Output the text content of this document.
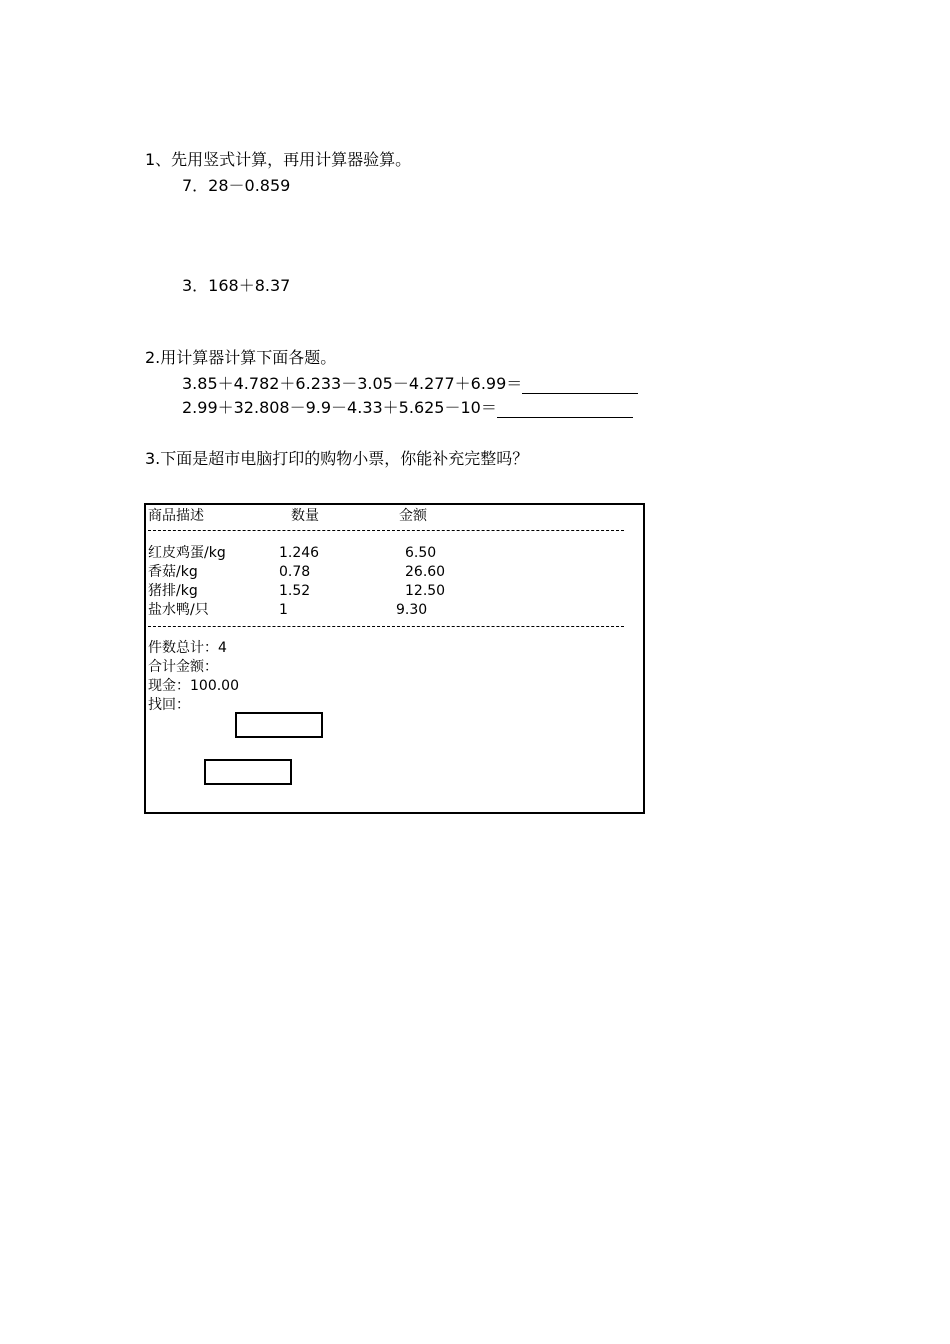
1、先用竖式计算，再用计算器验算。
7．28－0.859
3．168＋8.37
2.用计算器计算下面各题。
3.85＋4.782＋6.233－3.05－4.277＋6.99＝
2.99＋32.808－9.9－4.33＋5.625－10＝
3.下面是超市电脑打印的购物小票，你能补充完整吗？
商品描述	数量	金额
红皮鸡蛋/kg	1.246	6.50
香菇/kg	0.78	26.60
猪排/kg	1.52	12.50
盐水鸭/只	1	9.30
件数总计：4
合计金额：
现金：100.00
找回：
